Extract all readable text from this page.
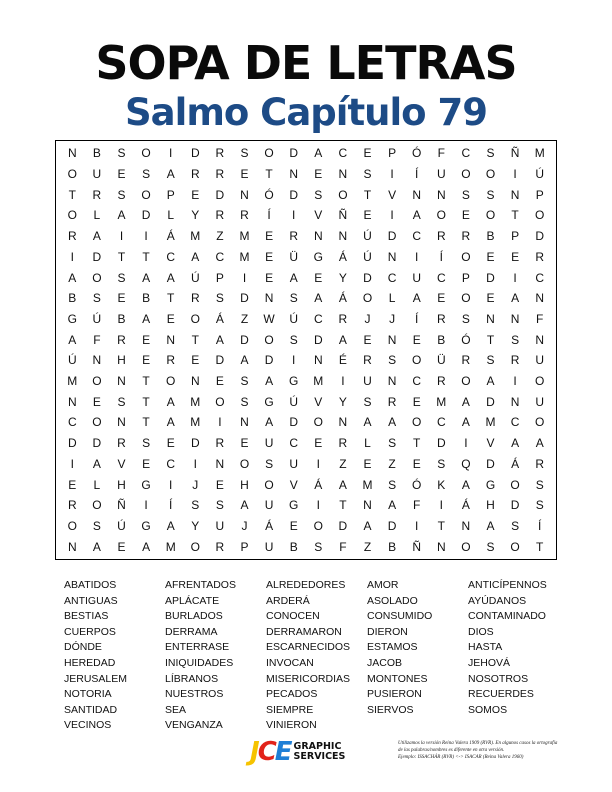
SOPA DE LETRAS
Salmo Capítulo 79
N	B	S	O	I	D	R	S	O	D	A	C	E	P	Ó	F	C	S	Ñ	M
O	U	E	S	A	R	R	E	T	N	E	N	S	I	Í	U	O	O	I	Ú
T	R	S	O	P	E	D	N	Ó	D	S	O	T	V	N	N	S	S	N	P
O	L	A	D	L	Y	R	R	Í	I	V	Ñ	E	I	A	O	E	O	T	O
R	A	I	I	Á	M	Z	M	E	R	N	N	Ú	D	C	R	R	B	P	D
I	D	T	T	C	A	C	M	E	Ü	G	Á	Ú	N	I	Í	O	E	E	R
A	O	S	A	A	Ú	P	I	E	A	E	Y	D	C	U	C	P	D	I	C
B	S	E	B	T	R	S	D	N	S	A	Á	O	L	A	E	O	E	A	N
G	Ú	B	A	E	O	Á	Z	W	Ú	C	R	J	J	Í	R	S	N	N	F
A	F	R	E	N	T	A	D	O	S	D	A	E	N	E	B	Ó	T	S	N
Ú	N	H	E	R	E	D	A	D	I	N	É	R	S	O	Ü	R	S	R	U
M	O	N	T	O	N	E	S	A	G	M	I	U	N	C	R	O	A	I	O
N	E	S	T	A	M	O	S	G	Ú	V	Y	S	R	E	M	A	D	N	U
C	O	N	T	A	M	I	N	A	D	O	N	A	A	O	C	A	M	C	O
D	D	R	S	E	D	R	E	U	C	E	R	L	S	T	D	I	V	A	A
I	A	V	E	C	I	N	O	S	U	I	Z	E	Z	E	S	Q	D	Á	R
E	L	H	G	I	J	E	H	O	V	Á	A	M	S	Ó	K	A	G	O	S
R	O	Ñ	I	Í	S	S	A	U	G	I	T	N	A	F	I	Á	H	D	S
O	S	Ú	G	A	Y	U	J	Á	E	O	D	A	D	I	T	N	A	S	Í
N	A	E	A	M	O	R	P	U	B	S	F	Z	B	Ñ	N	O	S	O	T
ABATIDOS	AFRENTADOS	ALREDEDORES	AMOR	ANTICÍPENNOS
ANTIGUAS	APLÁCATE	ARDERÁ	ASOLADO	AYÚDANOS
BESTIAS	BURLADOS	CONOCEN	CONSUMIDO	CONTAMINADO
CUERPOS	DERRAMA	DERRAMARON	DIERON	DIOS
DÓNDE	ENTERRASE	ESCARNECIDOS	ESTAMOS	HASTA
HEREDAD	INIQUIDADES	INVOCAN	JACOB	JEHOVÁ
JERUSALEM	LÍBRANOS	MISERICORDIAS	MONTONES	NOSOTROS
NOTORIA	NUESTROS	PECADOS	PUSIERON	RECUERDES
SANTIDAD	SEA	SIEMPRE	SIERVOS	SOMOS
VECINOS	VENGANZA	VINIERON
JCE GRAPHIC
SERVICES
Utilizamos la versión Reina Valera 1909 (RVR). En algunos casos la ortografía de las palabras/nombres es diferente en otra versión.
Ejemplo: ISSACHÁR (RVR) <-> ISACAR (Reina Valera 1960)
